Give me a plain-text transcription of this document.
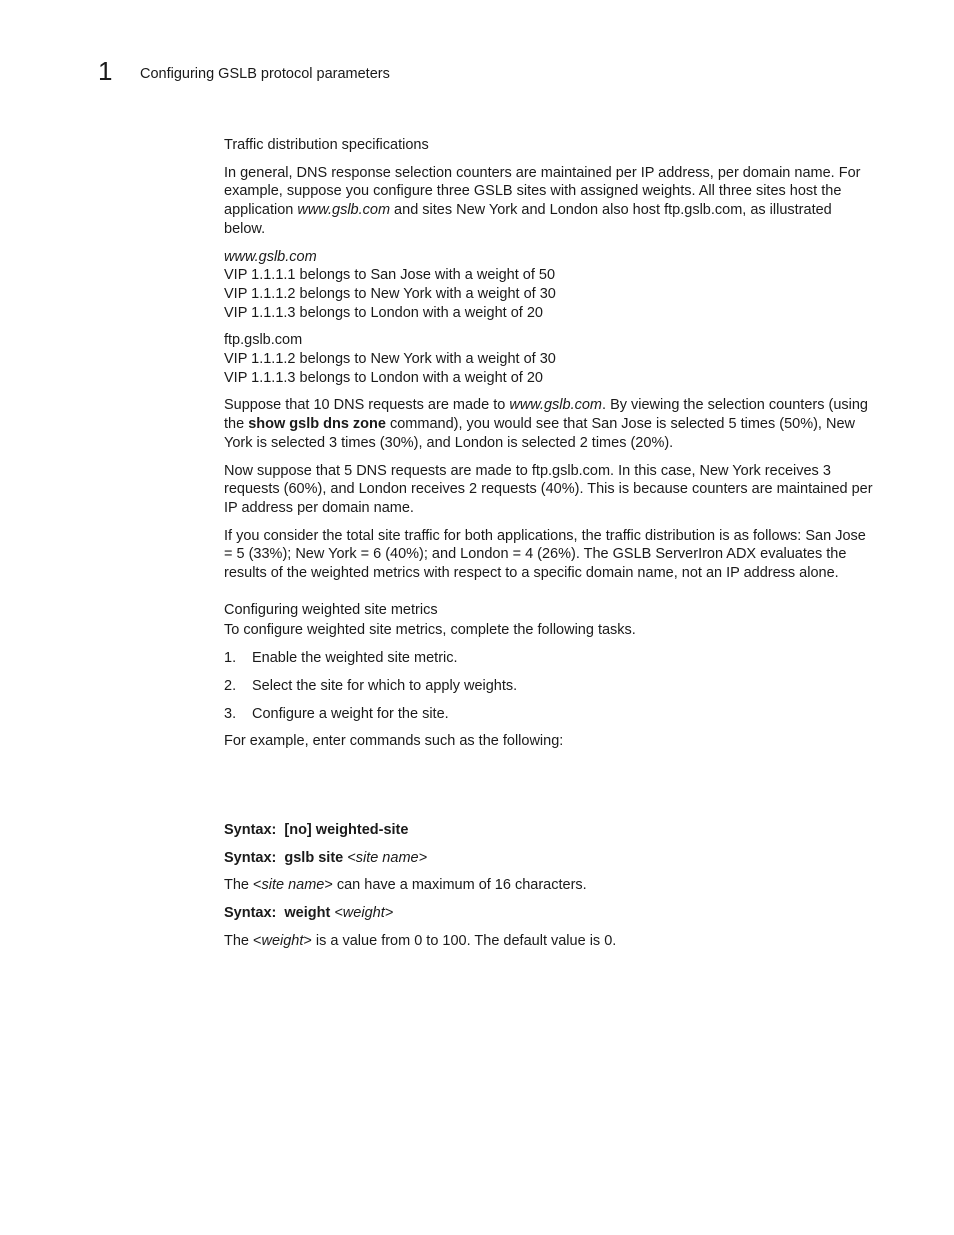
1 Configuring GSLB protocol parameters

Traffic distribution specifications

In general, DNS response selection counters are maintained per IP address, per domain name. For example, suppose you configure three GSLB sites with assigned weights. All three sites host the application www.gslb.com and sites New York and London also host ftp.gslb.com, as illustrated below.

www.gslb.com

VIP 1.1.1.1 belongs to San Jose with a weight of 50

VIP 1.1.1.2 belongs to New York with a weight of 30

VIP 1.1.1.3 belongs to London with a weight of 20

ftp.gslb.com

VIP 1.1.1.2 belongs to New York with a weight of 30

VIP 1.1.1.3 belongs to London with a weight of 20

Suppose that 10 DNS requests are made to www.gslb.com. By viewing the selection counters (using the show gslb dns zone command), you would see that San Jose is selected 5 times (50%), New York is selected 3 times (30%), and London is selected 2 times (20%).

Now suppose that 5 DNS requests are made to ftp.gslb.com. In this case, New York receives 3 requests (60%), and London receives 2 requests (40%). This is because counters are maintained per IP address per domain name.

If you consider the total site traffic for both applications, the traffic distribution is as follows: San Jose = 5 (33%); New York = 6 (40%); and London = 4 (26%). The GSLB ServerIron ADX evaluates the results of the weighted metrics with respect to a specific domain name, not an IP address alone.

Configuring weighted site metrics

To configure weighted site metrics, complete the following tasks.

1.	Enable the weighted site metric.
2.	Select the site for which to apply weights.
3.	Configure a weight for the site.

For example, enter commands such as the following:

Syntax: [no] weighted-site
Syntax: gslb site
<site name>

The <site name> can have a maximum of 16 characters.

Syntax: weight
<weight>

The <weight> is a value from 0 to 100. The default value is 0.
